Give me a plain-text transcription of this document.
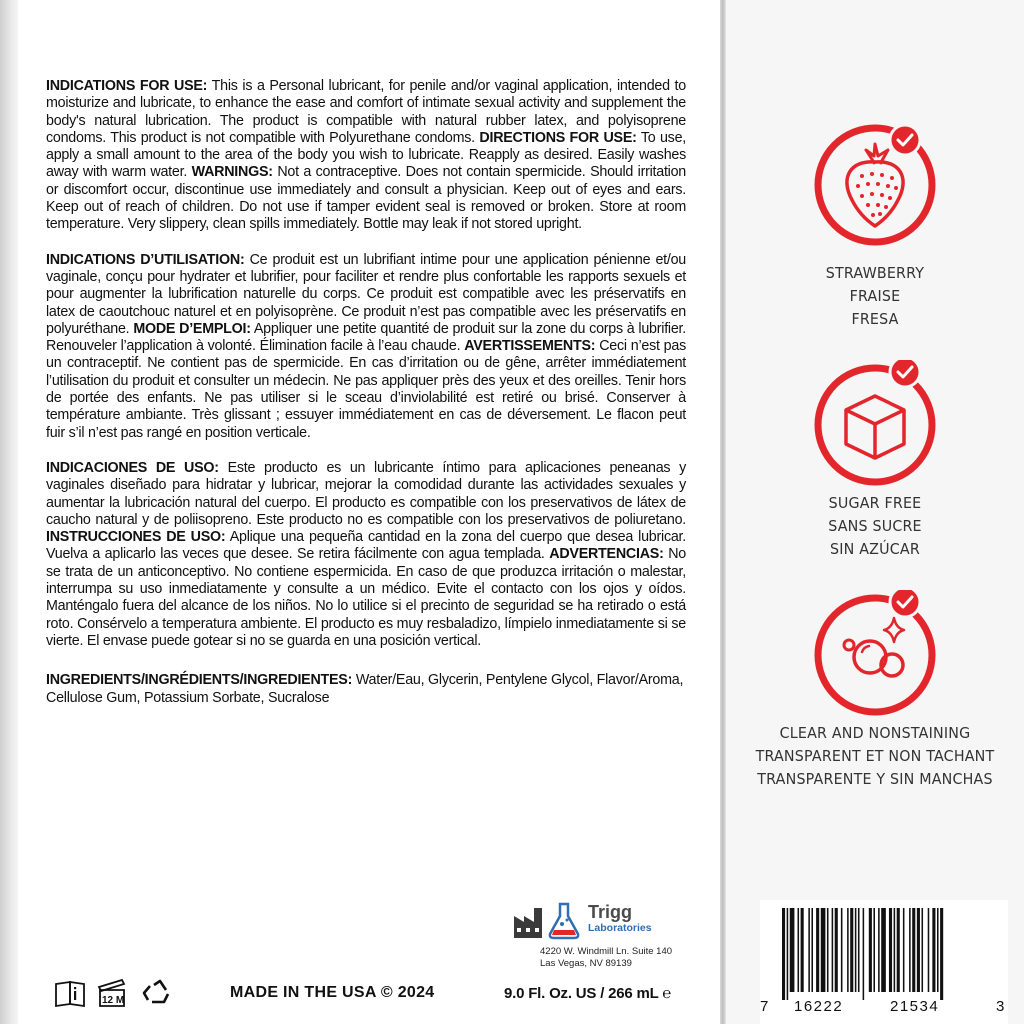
INDICATIONS FOR USE: This is a Personal lubricant, for penile and/or vaginal application, intended to moisturize and lubricate, to enhance the ease and comfort of intimate sexual activity and supplement the body's natural lubrication. The product is compatible with natural rubber latex, and polyisoprene condoms. This product is not compatible with Polyurethane condoms. DIRECTIONS FOR USE: To use, apply a small amount to the area of the body you wish to lubricate. Reapply as desired. Easily washes away with warm water. WARNINGS: Not a contraceptive. Does not contain spermicide. Should irritation or discomfort occur, discontinue use immediately and consult a physician. Keep out of eyes and ears. Keep out of reach of children. Do not use if tamper evident seal is removed or broken. Store at room temperature. Very slippery, clean spills immediately. Bottle may leak if not stored upright.

INDICATIONS D’UTILISATION: Ce produit est un lubrifiant intime pour une application pénienne et/ou vaginale, conçu pour hydrater et lubrifier, pour faciliter et rendre plus confortable les rapports sexuels et pour augmenter la lubrification naturelle du corps. Ce produit est compatible avec les préservatifs en latex de caoutchouc naturel et en polyisoprène. Ce produit n’est pas compatible avec les préservatifs en polyuréthane. MODE D’EMPLOI: Appliquer une petite quantité de produit sur la zone du corps à lubrifier. Renouveler l’application à volonté. Élimination facile à l’eau chaude. AVERTISSEMENTS: Ceci n’est pas un contraceptif. Ne contient pas de spermicide. En cas d’irritation ou de gêne, arrêter immédiatement l’utilisation du produit et consulter un médecin. Ne pas appliquer près des yeux et des oreilles. Tenir hors de portée des enfants. Ne pas utiliser si le sceau d’inviolabilité est retiré ou brisé. Conserver à température ambiante. Très glissant ; essuyer immédiatement en cas de déversement. Le flacon peut fuir s’il n’est pas rangé en position verticale.

INDICACIONES DE USO: Este producto es un lubricante íntimo para aplicaciones peneanas y vaginales diseñado para hidratar y lubricar, mejorar la comodidad durante las actividades sexuales y aumentar la lubricación natural del cuerpo. El producto es compatible con los preservativos de látex de caucho natural y de poliisopreno. Este producto no es compatible con los preservativos de poliuretano. INSTRUCCIONES DE USO: Aplique una pequeña cantidad en la zona del cuerpo que desea lubricar. Vuelva a aplicarlo las veces que desee. Se retira fácilmente con agua templada. ADVERTENCIAS: No se trata de un anticonceptivo. No contiene espermicida. En caso de que produzca irritación o malestar, interrumpa su uso inmediatamente y consulte a un médico. Evite el contacto con los ojos y oídos. Manténgalo fuera del alcance de los niños. No lo utilice si el precinto de seguridad se ha retirado o está roto. Consérvelo a temperatura ambiente. El producto es muy resbaladizo, límpielo inmediatamente si se vierte. El envase puede gotear si no se guarda en una posición vertical.

INGREDIENTS/INGRÉDIENTS/INGREDIENTES: Water/Eau, Glycerin, Pentylene Glycol, Flavor/Aroma, Cellulose Gum, Potassium Sorbate, Sucralose

STRAWBERRY
FRAISE
FRESA
SUGAR FREE
SANS SUCRE
SIN AZÚCAR
CLEAR AND NONSTAINING
TRANSPARENT ET NON TACHANT
TRANSPARENTE Y SIN MANCHAS
Trigg
Laboratories
4220 W. Windmill Ln. Suite 140
Las Vegas, NV 89139
12 M	MADE IN THE USA © 2024	9.0 Fl. Oz. US / 266 mL ℮
7 16222	21534	3
